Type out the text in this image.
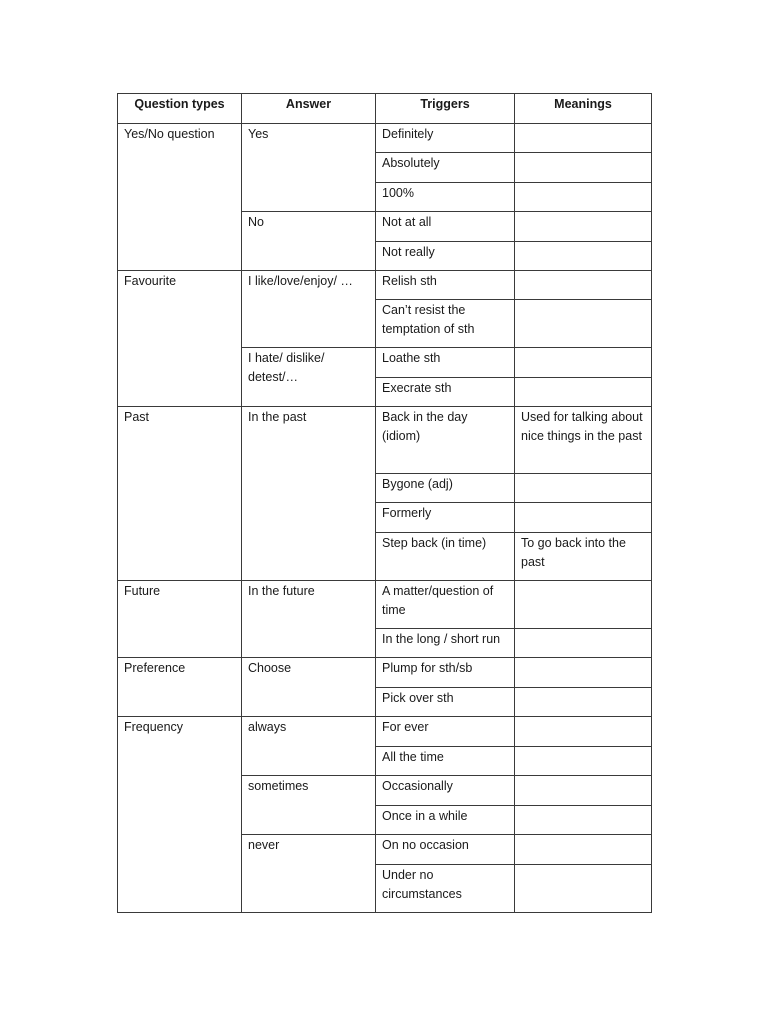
Question types	Answer	Triggers	Meanings

Yes/No question	Yes	Definitely	

		Absolutely	

		100%	

	No	Not at all	

		Not really	

Favourite	I like/love/enjoy/ …	Relish sth	

		Can’t resist the temptation of sth	

	I hate/ dislike/ detest/…	Loathe sth	

		Execrate sth	

Past	In the past	Back in the day (idiom)	Used for talking about nice things in the past

		Bygone (adj)	

		Formerly	

		Step back (in time)	To go back into the past

Future	In the future	A matter/question of time	

		In the long / short run	

Preference	Choose	Plump for sth/sb	

		Pick over sth	

Frequency	always	For ever	

		All the time	

	sometimes	Occasionally	

		Once in a while	

	never	On no occasion	

		Under no circumstances	
